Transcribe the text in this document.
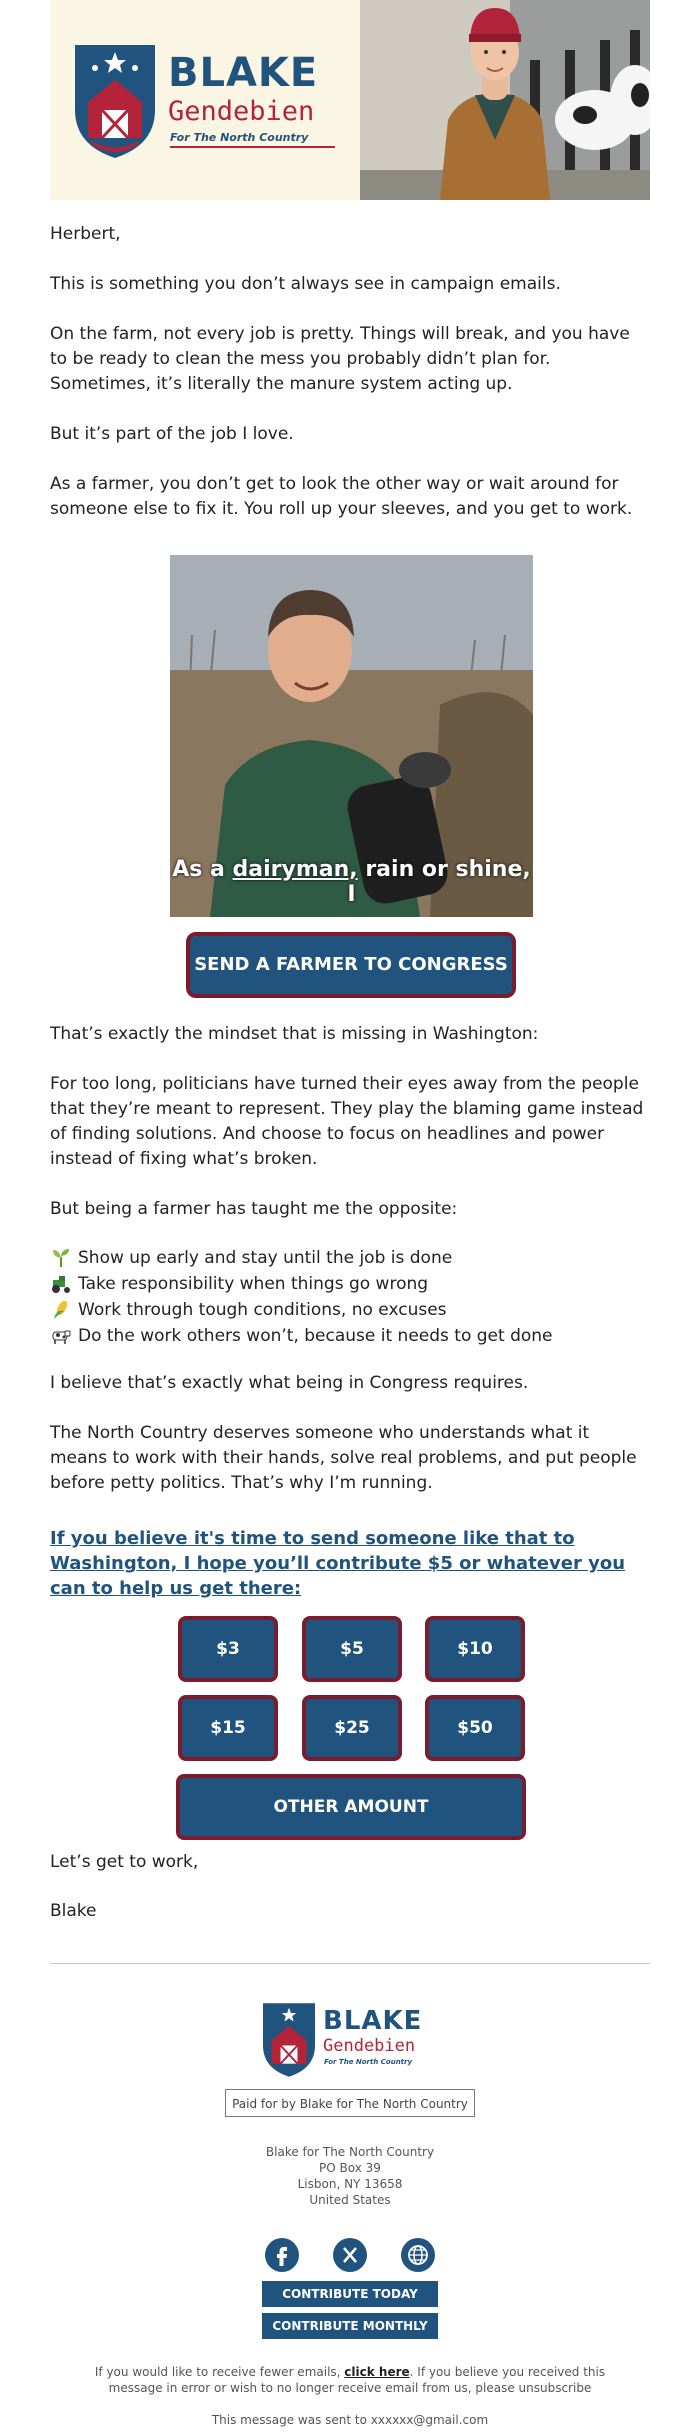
BLAKE
Gendebien
For The North Country

Herbert,

This is something you don’t always see in campaign emails.

On the farm, not every job is pretty. Things will break, and you have to be ready to clean the mess you probably didn’t plan for. Sometimes, it’s literally the manure system acting up.

But it’s part of the job I love.

As a farmer, you don’t get to look the other way or wait around for someone else to fix it. You roll up your sleeves, and you get to work.

As a dairyman, rain or shine, I
SEND A FARMER TO CONGRESS

That’s exactly the mindset that is missing in Washington:

For too long, politicians have turned their eyes away from the people that they’re meant to represent. They play the blaming game instead of finding solutions. And choose to focus on headlines and power instead of fixing what’s broken.

But being a farmer has taught me the opposite:

Show up early and stay until the job is done
Take responsibility when things go wrong
Work through tough conditions, no excuses
Do the work others won’t, because it needs to get done

I believe that’s exactly what being in Congress requires.

The North Country deserves someone who understands what it means to work with their hands, solve real problems, and put people before petty politics. That’s why I’m running.

If you believe it's time to send someone like that to Washington, I hope you’ll contribute $5 or whatever you can to help us get there:
$3	$5	$10
$15	$25	$50
OTHER AMOUNT

Let’s get to work,

Blake

BLAKE
Gendebien
For The North Country
Paid for by Blake for The North Country
Blake for The North Country
PO Box 39
Lisbon, NY 13658
United States
CONTRIBUTE TODAY
CONTRIBUTE MONTHLY
If you would like to receive fewer emails, click here. If you believe you received this message in error or wish to no longer receive email from us, please unsubscribe
This message was sent to xxxxxx@gmail.com
